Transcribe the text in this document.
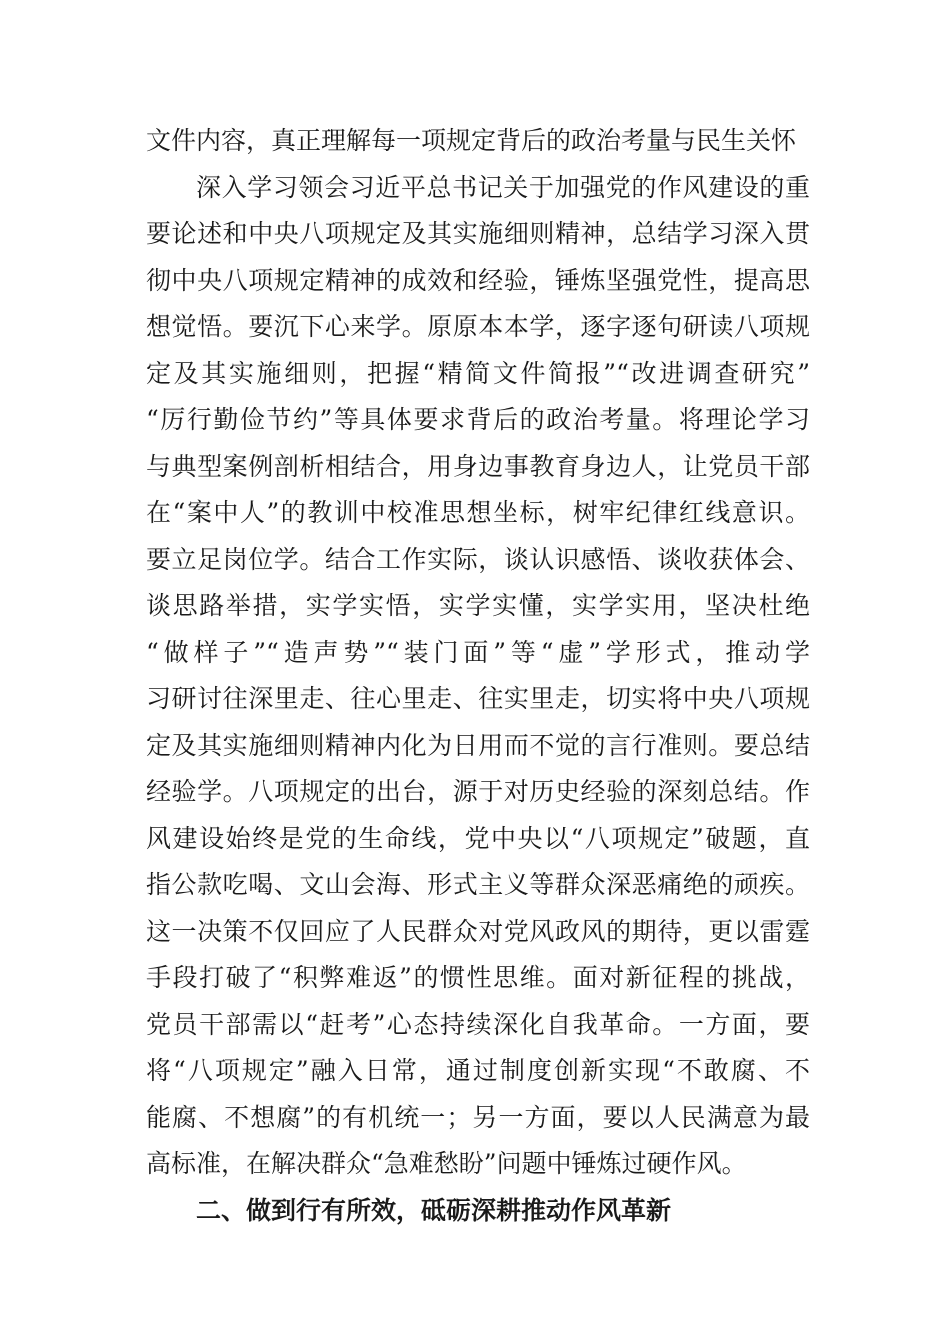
文件内容，真正理解每一项规定背后的政治考量与民生关怀
深入学习领会习近平总书记关于加强党的作风建设的重
要论述和中央八项规定及其实施细则精神，总结学习深入贯
彻中央八项规定精神的成效和经验，锤炼坚强党性，提高思
想觉悟。要沉下心来学。原原本本学，逐字逐句研读八项规
定及其实施细则，把握“精简文件简报”“改进调查研究”
“厉行勤俭节约”等具体要求背后的政治考量。将理论学习
与典型案例剖析相结合，用身边事教育身边人，让党员干部
在“案中人”的教训中校准思想坐标，树牢纪律红线意识。
要立足岗位学。结合工作实际，谈认识感悟、谈收获体会、
谈思路举措，实学实悟，实学实懂，实学实用，坚决杜绝
“做样子”“造声势”“装门面”等“虚”学形式，推动学
习研讨往深里走、往心里走、往实里走，切实将中央八项规
定及其实施细则精神内化为日用而不觉的言行准则。要总结
经验学。八项规定的出台，源于对历史经验的深刻总结。作
风建设始终是党的生命线，党中央以“八项规定”破题，直
指公款吃喝、文山会海、形式主义等群众深恶痛绝的顽疾。
这一决策不仅回应了人民群众对党风政风的期待，更以雷霆
手段打破了“积弊难返”的惯性思维。面对新征程的挑战，
党员干部需以“赶考”心态持续深化自我革命。一方面，要
将“八项规定”融入日常，通过制度创新实现“不敢腐、不
能腐、不想腐”的有机统一；另一方面，要以人民满意为最
高标准，在解决群众“急难愁盼”问题中锤炼过硬作风。
二、做到行有所效，砥砺深耕推动作风革新
